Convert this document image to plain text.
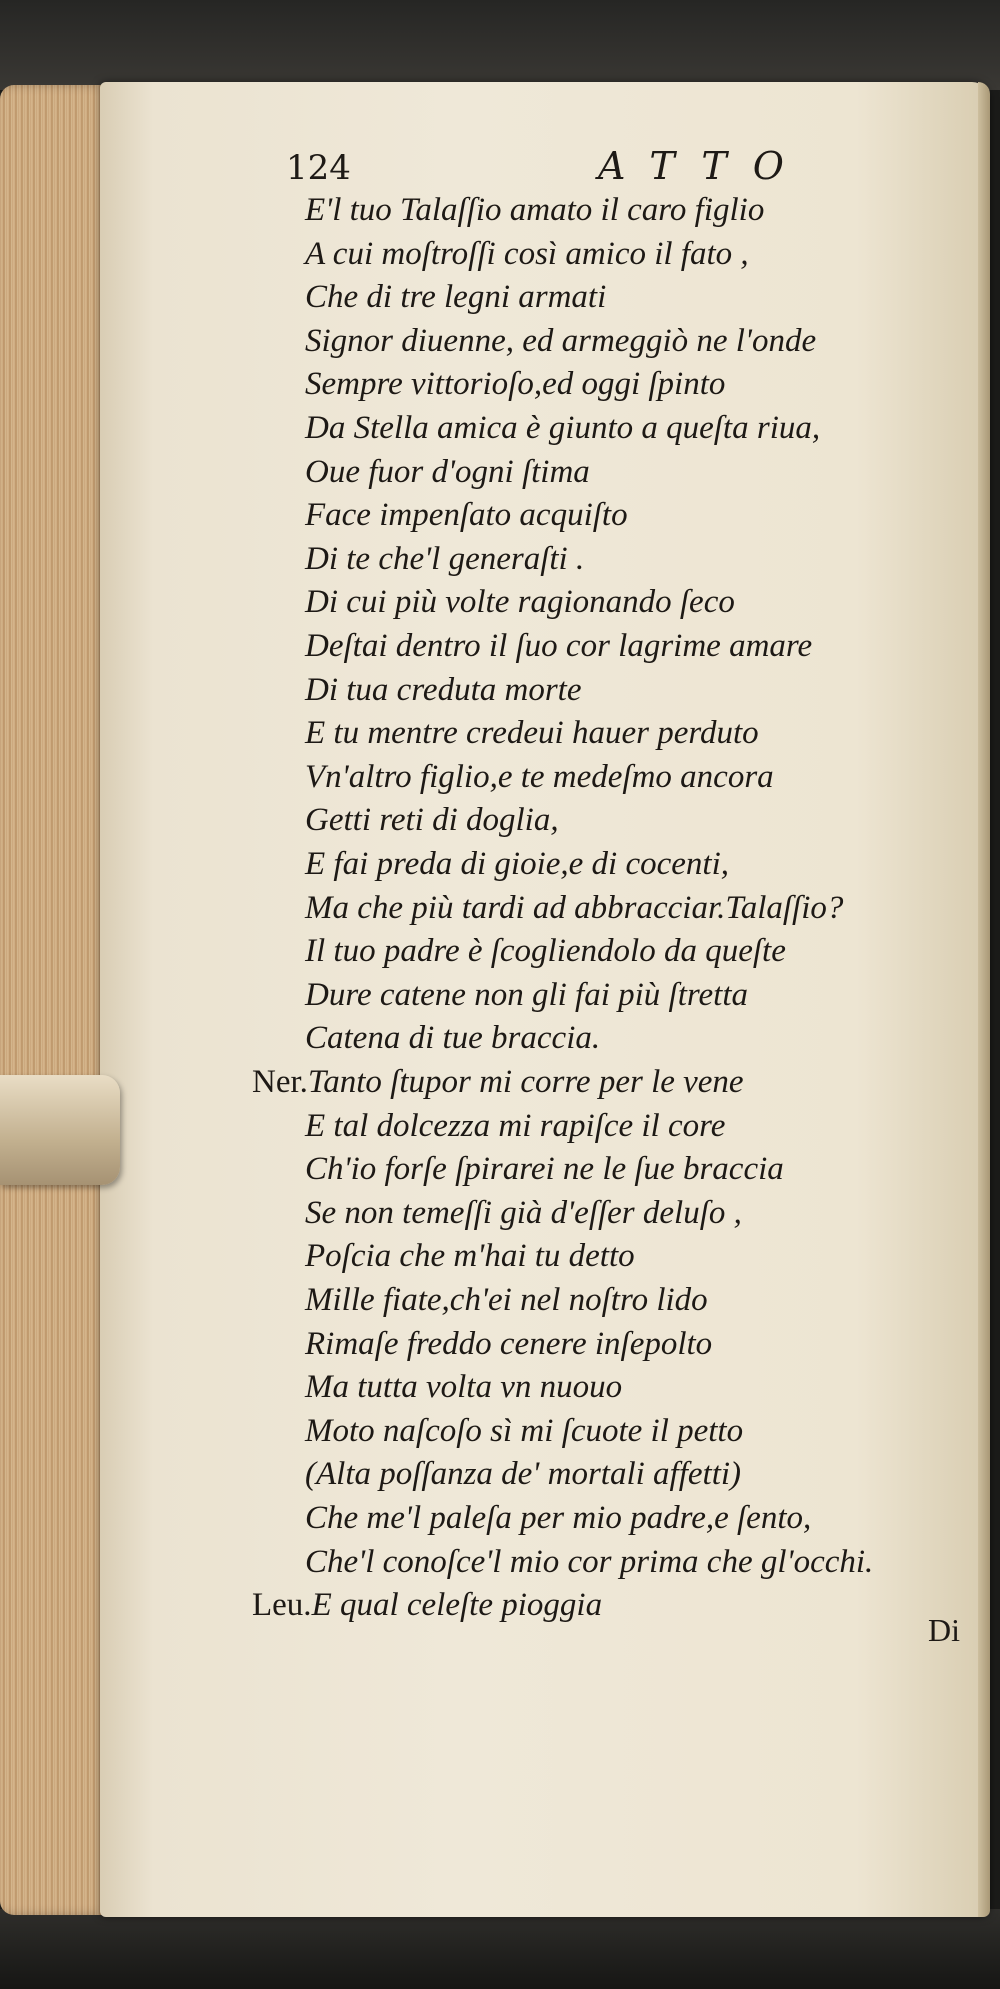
124	ATTO
E'l tuo Talaſſio amato il caro figlio
A cui moſtroſſi così amico il fato ,
Che di tre legni armati
Signor diuenne, ed armeggiò ne l'onde
Sempre vittorioſo,ed oggi ſpinto
Da Stella amica è giunto a queſta riua,
Oue fuor d'ogni ſtima
Face impenſato acquiſto
Di te che'l generaſti .
Di cui più volte ragionando ſeco
Deſtai dentro il ſuo cor lagrime amare
Di tua creduta morte
E tu mentre credeui hauer perduto
Vn'altro figlio,e te medeſmo ancora
Getti reti di doglia,
E fai preda di gioie,e di cocenti,
Ma che più tardi ad abbracciar.Talaſſio?
Il tuo padre è ſcogliendolo da queſte
Dure catene non gli fai più ſtretta
Catena di tue braccia.
Ner.Tanto ſtupor mi corre per le vene
E tal dolcezza mi rapiſce il core
Ch'io forſe ſpirarei ne le ſue braccia
Se non temeſſi già d'eſſer deluſo ,
Poſcia che m'hai tu detto
Mille fiate,ch'ei nel noſtro lido
Rimaſe freddo cenere inſepolto
Ma tutta volta vn nuouo
Moto naſcoſo sì mi ſcuote il petto
(Alta poſſanza de' mortali affetti)
Che me'l paleſa per mio padre,e ſento,
Che'l conoſce'l mio cor prima che gl'occhi.
Leu.E qual celeſte pioggia
Di
